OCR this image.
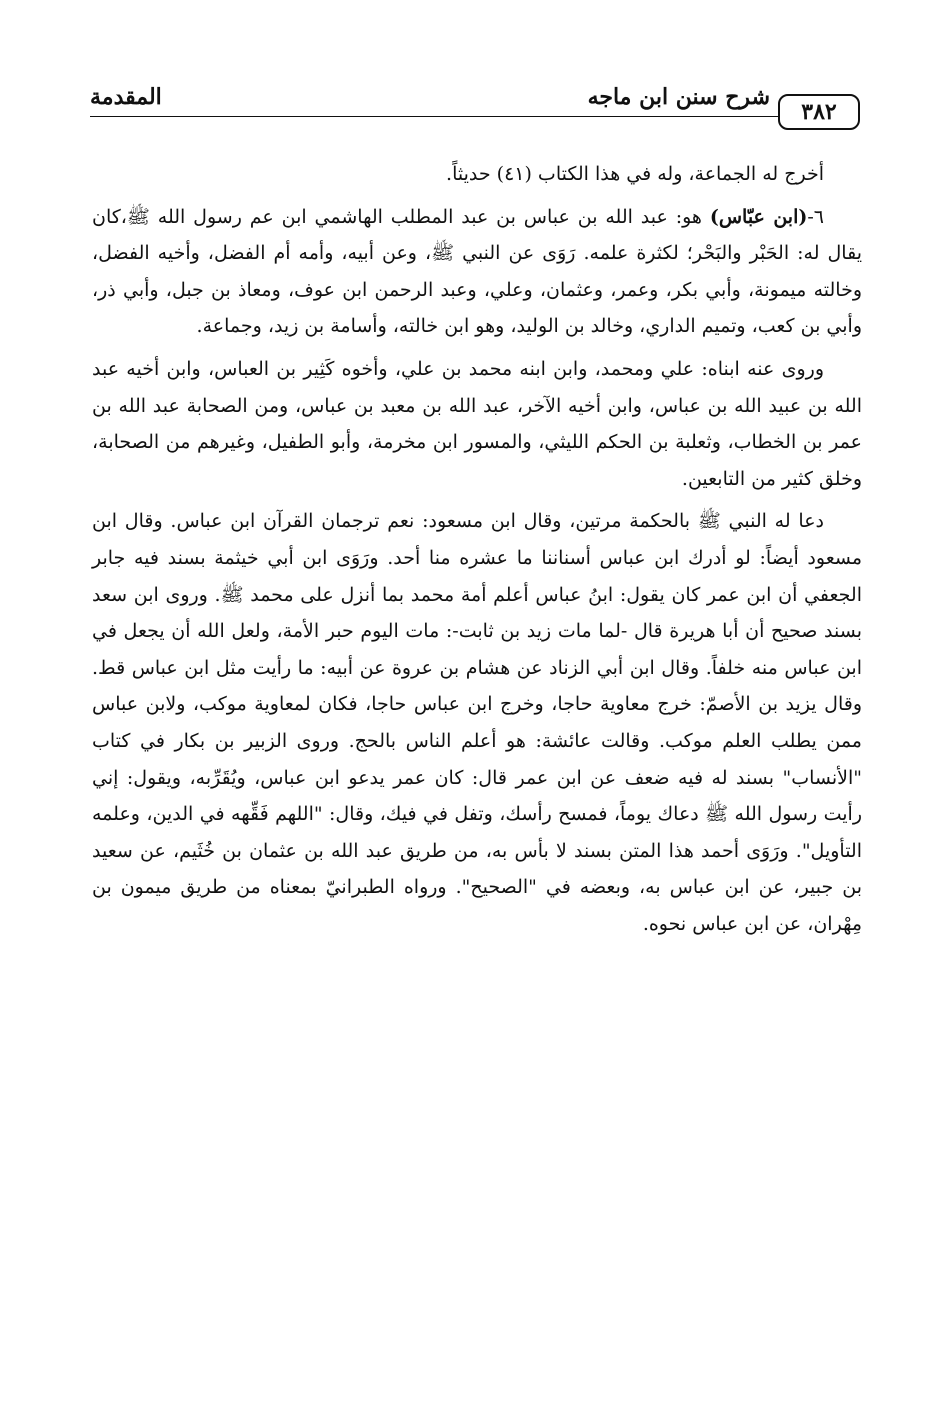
٣٨٢
شرح سنن ابن ماجه
المقدمة

أخرج له الجماعة، وله في هذا الكتاب (٤١) حديثاً.

٦-(ابن عبّاس) هو: عبد الله بن عباس بن عبد المطلب الهاشمي ابن عم رسول الله ﷺ،كان يقال له: الحَبْر والبَحْر؛ لكثرة علمه. رَوَى عن النبي ﷺ، وعن أبيه، وأمه أم الفضل، وأخيه الفضل، وخالته ميمونة، وأبي بكر، وعمر، وعثمان، وعلي، وعبد الرحمن ابن عوف، ومعاذ بن جبل، وأبي ذر، وأبي بن كعب، وتميم الداري، وخالد بن الوليد، وهو ابن خالته، وأسامة بن زيد، وجماعة.

وروى عنه ابناه: علي ومحمد، وابن ابنه محمد بن علي، وأخوه كَثِير بن العباس، وابن أخيه عبد الله بن عبيد الله بن عباس، وابن أخيه الآخر، عبد الله بن معبد بن عباس، ومن الصحابة عبد الله بن عمر بن الخطاب، وثعلبة بن الحكم الليثي، والمسور ابن مخرمة، وأبو الطفيل، وغيرهم من الصحابة، وخلق كثير من التابعين.

دعا له النبي ﷺ بالحكمة مرتين، وقال ابن مسعود: نعم ترجمان القرآن ابن عباس. وقال ابن مسعود أيضاً: لو أدرك ابن عباس أسناننا ما عشره منا أحد. ورَوَى ابن أبي خيثمة بسند فيه جابر الجعفي أن ابن عمر كان يقول: ابنُ عباس أعلم أمة محمد بما أنزل على محمد ﷺ. وروى ابن سعد بسند صحيح أن أبا هريرة قال -لما مات زيد بن ثابت-: مات اليوم حبر الأمة، ولعل الله أن يجعل في ابن عباس منه خلفاً. وقال ابن أبي الزناد عن هشام بن عروة عن أبيه: ما رأيت مثل ابن عباس قط. وقال يزيد بن الأصمّ: خرج معاوية حاجا، وخرج ابن عباس حاجا، فكان لمعاوية موكب، ولابن عباس ممن يطلب العلم موكب. وقالت عائشة: هو أعلم الناس بالحج. وروى الزبير بن بكار في كتاب "الأنساب" بسند له فيه ضعف عن ابن عمر قال: كان عمر يدعو ابن عباس، ويُقَرِّبه، ويقول: إني رأيت رسول الله ﷺ دعاك يوماً، فمسح رأسك، وتفل في فيك، وقال: "اللهم فَقِّهه في الدين، وعلمه التأويل". ورَوَى أحمد هذا المتن بسند لا بأس به، من طريق عبد الله بن عثمان بن خُثَيم، عن سعيد بن جبير، عن ابن عباس به، وبعضه في "الصحيح". ورواه الطبرانيّ بمعناه من طريق ميمون بن مِهْران، عن ابن عباس نحوه.
